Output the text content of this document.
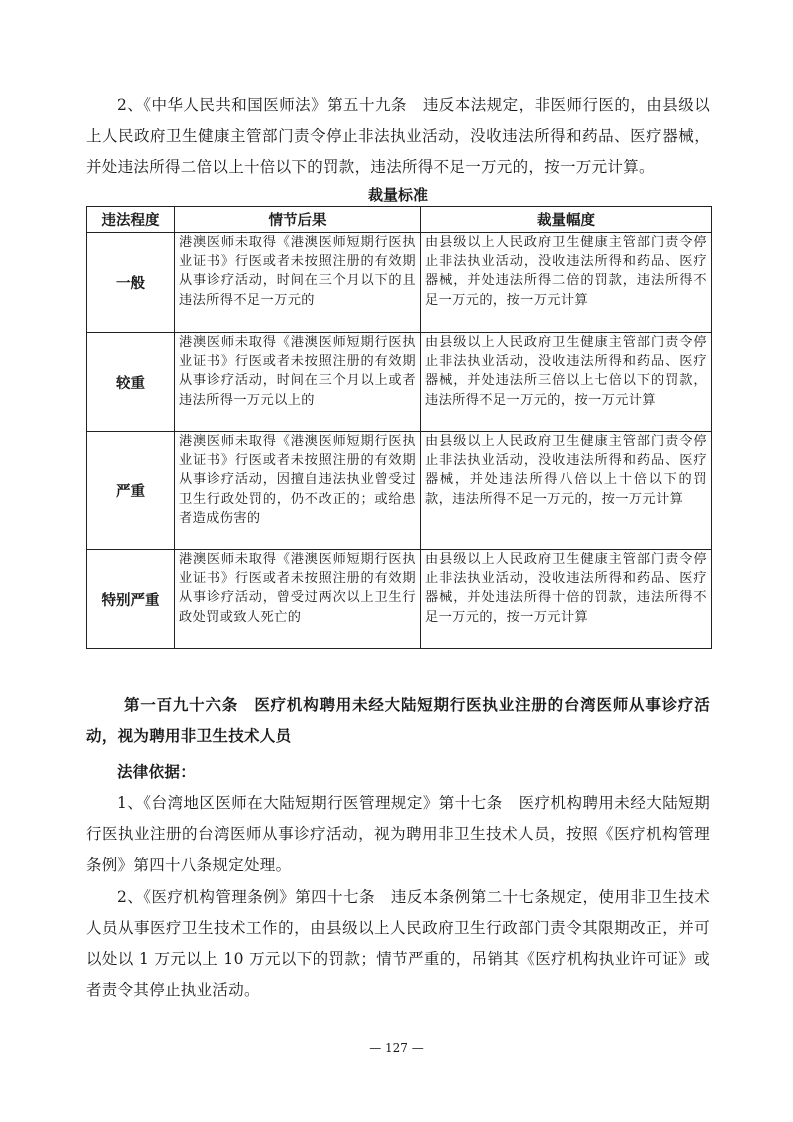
2、《中华人民共和国医师法》第五十九条　违反本法规定，非医师行医的，由县级以上人民政府卫生健康主管部门责令停止非法执业活动，没收违法所得和药品、医疗器械，并处违法所得二倍以上十倍以下的罚款，违法所得不足一万元的，按一万元计算。

裁量标准
违法程度	情节后果	裁量幅度
一般	港澳医师未取得《港澳医师短期行医执业证书》行医或者未按照注册的有效期从事诊疗活动，时间在三个月以下的且违法所得不足一万元的	由县级以上人民政府卫生健康主管部门责令停止非法执业活动，没收违法所得和药品、医疗器械，并处违法所得二倍的罚款，违法所得不足一万元的，按一万元计算
较重	港澳医师未取得《港澳医师短期行医执业证书》行医或者未按照注册的有效期从事诊疗活动，时间在三个月以上或者违法所得一万元以上的	由县级以上人民政府卫生健康主管部门责令停止非法执业活动，没收违法所得和药品、医疗器械，并处违法所三倍以上七倍以下的罚款，违法所得不足一万元的，按一万元计算
严重	港澳医师未取得《港澳医师短期行医执业证书》行医或者未按照注册的有效期从事诊疗活动，因擅自违法执业曾受过卫生行政处罚的，仍不改正的；或给患者造成伤害的	由县级以上人民政府卫生健康主管部门责令停止非法执业活动，没收违法所得和药品、医疗器械，并处违法所得八倍以上十倍以下的罚款，违法所得不足一万元的，按一万元计算
特别严重	港澳医师未取得《港澳医师短期行医执业证书》行医或者未按照注册的有效期从事诊疗活动，曾受过两次以上卫生行政处罚或致人死亡的	由县级以上人民政府卫生健康主管部门责令停止非法执业活动，没收违法所得和药品、医疗器械，并处违法所得十倍的罚款，违法所得不足一万元的，按一万元计算

第一百九十六条　医疗机构聘用未经大陆短期行医执业注册的台湾医师从事诊疗活动，视为聘用非卫生技术人员

法律依据：

1、《台湾地区医师在大陆短期行医管理规定》第十七条　医疗机构聘用未经大陆短期行医执业注册的台湾医师从事诊疗活动，视为聘用非卫生技术人员，按照《医疗机构管理条例》第四十八条规定处理。

2、《医疗机构管理条例》第四十七条　违反本条例第二十七条规定，使用非卫生技术人员从事医疗卫生技术工作的，由县级以上人民政府卫生行政部门责令其限期改正，并可以处以 1 万元以上 10 万元以下的罚款；情节严重的，吊销其《医疗机构执业许可证》或者责令其停止执业活动。

— 127 —
